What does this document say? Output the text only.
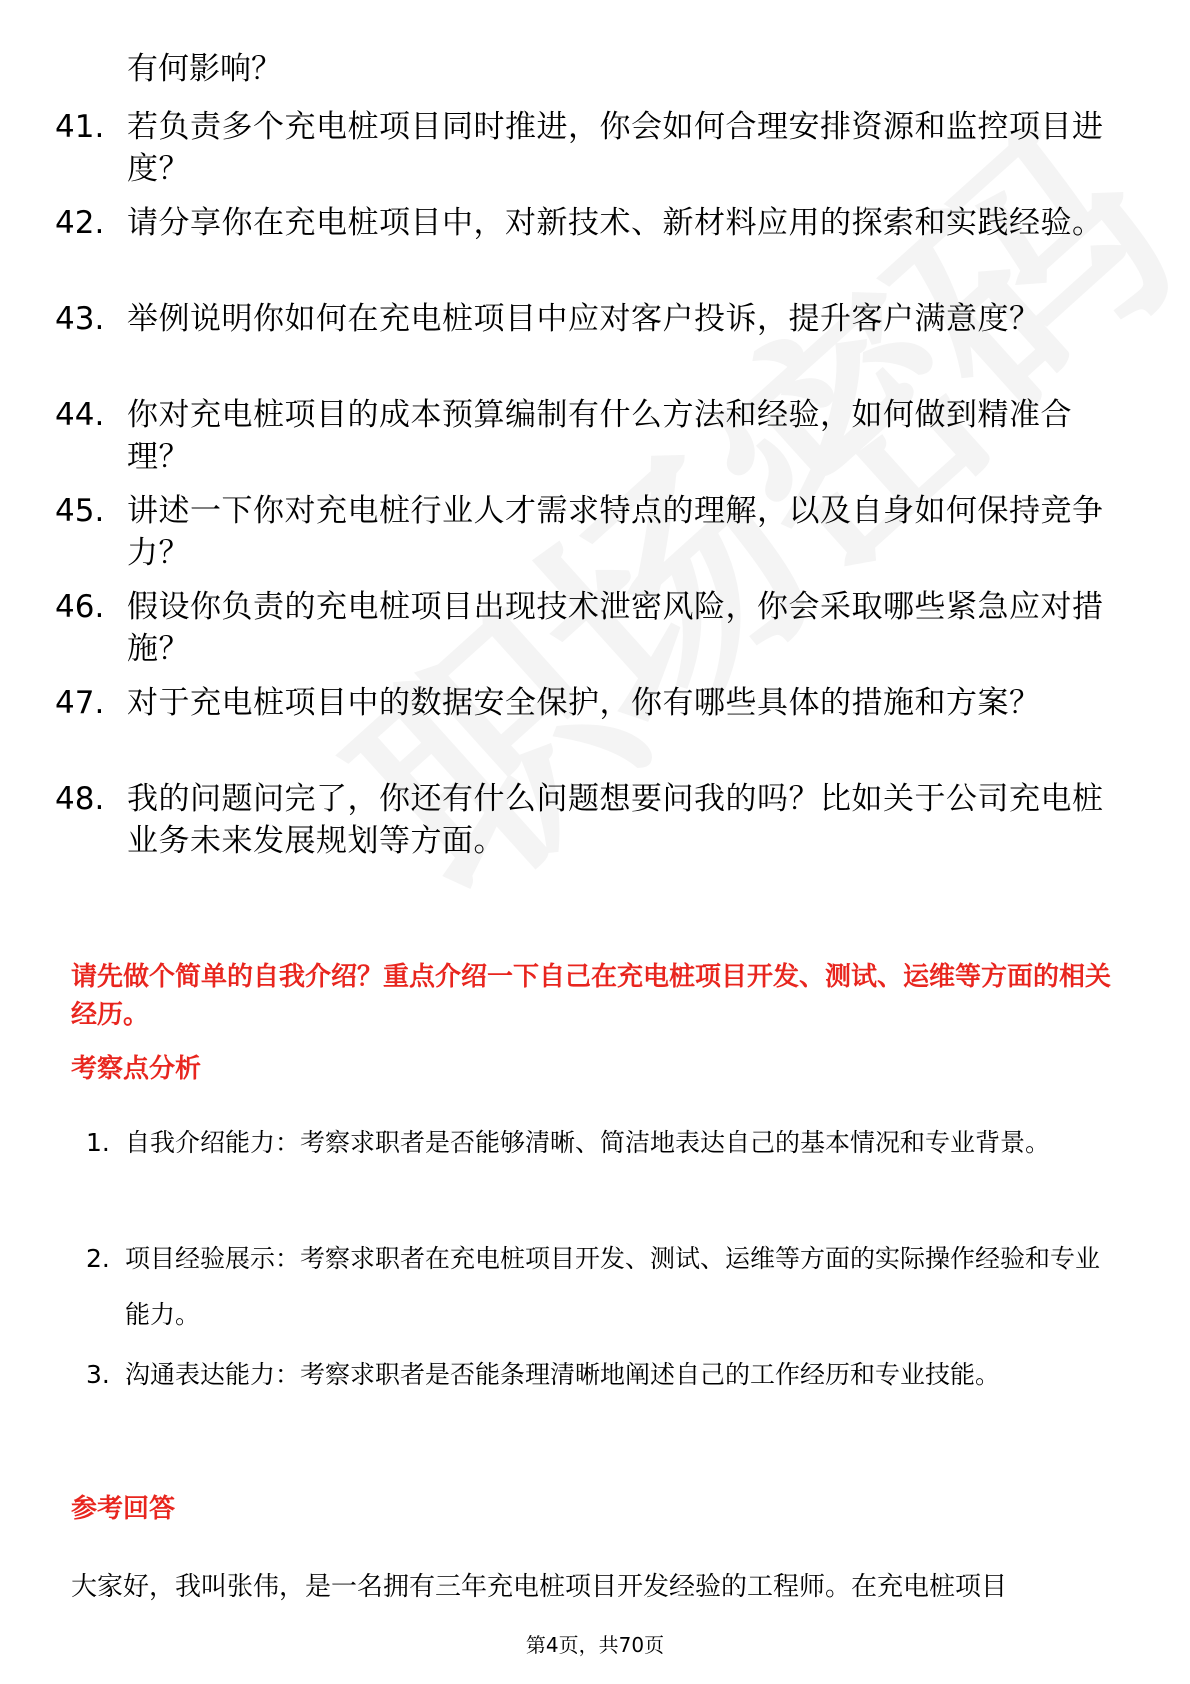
有何影响？
41. 若负责多个充电桩项目同时推进，你会如何合理安排资源和监控项目进度？
42. 请分享你在充电桩项目中，对新技术、新材料应用的探索和实践经验。
43. 举例说明你如何在充电桩项目中应对客户投诉，提升客户满意度？
44. 你对充电桩项目的成本预算编制有什么方法和经验，如何做到精准合理？
45. 讲述一下你对充电桩行业人才需求特点的理解，以及自身如何保持竞争力？
46. 假设你负责的充电桩项目出现技术泄密风险，你会采取哪些紧急应对措施？
47. 对于充电桩项目中的数据安全保护，你有哪些具体的措施和方案？
48. 我的问题问完了，你还有什么问题想要问我的吗？比如关于公司充电桩业务未来发展规划等方面。
请先做个简单的自我介绍？重点介绍一下自己在充电桩项目开发、测试、运维等方面的相关经历。
考察点分析
1. 自我介绍能力：考察求职者是否能够清晰、简洁地表达自己的基本情况和专业背景。
2. 项目经验展示：考察求职者在充电桩项目开发、测试、运维等方面的实际操作经验和专业能力。
3. 沟通表达能力：考察求职者是否能条理清晰地阐述自己的工作经历和专业技能。
参考回答
大家好，我叫张伟，是一名拥有三年充电桩项目开发经验的工程师。在充电桩项目
第4页，共70页
